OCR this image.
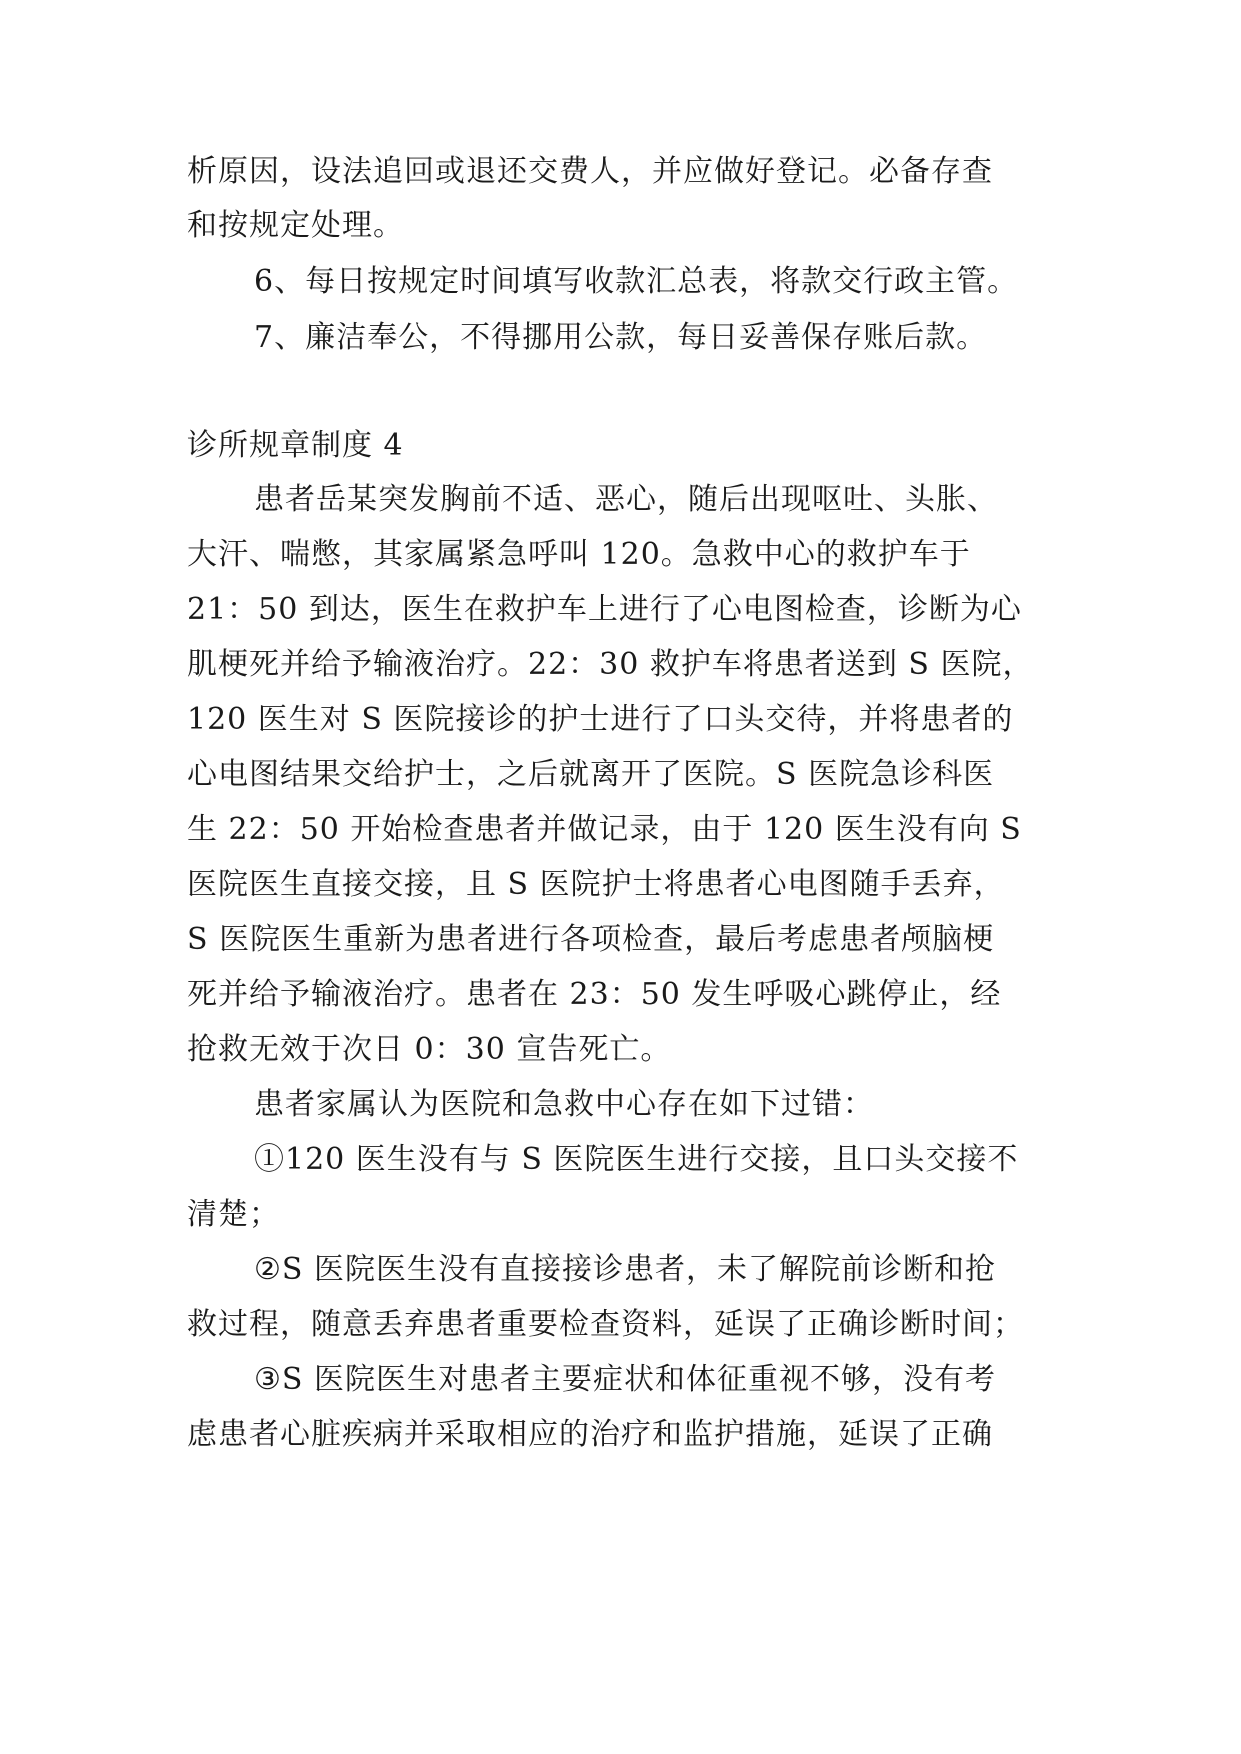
析原因，设法追回或退还交费人，并应做好登记。必备存查
和按规定处理。
6、每日按规定时间填写收款汇总表，将款交行政主管。
7、廉洁奉公，不得挪用公款，每日妥善保存账后款。
诊所规章制度 4
患者岳某突发胸前不适、恶心，随后出现呕吐、头胀、
大汗、喘憋，其家属紧急呼叫 120。急救中心的救护车于
21：50 到达，医生在救护车上进行了心电图检查，诊断为心
肌梗死并给予输液治疗。22：30 救护车将患者送到 S 医院，
120 医生对 S 医院接诊的护士进行了口头交待，并将患者的
心电图结果交给护士，之后就离开了医院。S 医院急诊科医
生 22：50 开始检查患者并做记录，由于 120 医生没有向 S
医院医生直接交接，且 S 医院护士将患者心电图随手丢弃，
S 医院医生重新为患者进行各项检查，最后考虑患者颅脑梗
死并给予输液治疗。患者在 23：50 发生呼吸心跳停止，经
抢救无效于次日 0：30 宣告死亡。
患者家属认为医院和急救中心存在如下过错：
①120 医生没有与 S 医院医生进行交接，且口头交接不
清楚；
②S 医院医生没有直接接诊患者，未了解院前诊断和抢
救过程，随意丢弃患者重要检查资料，延误了正确诊断时间；
③S 医院医生对患者主要症状和体征重视不够，没有考
虑患者心脏疾病并采取相应的治疗和监护措施，延误了正确
